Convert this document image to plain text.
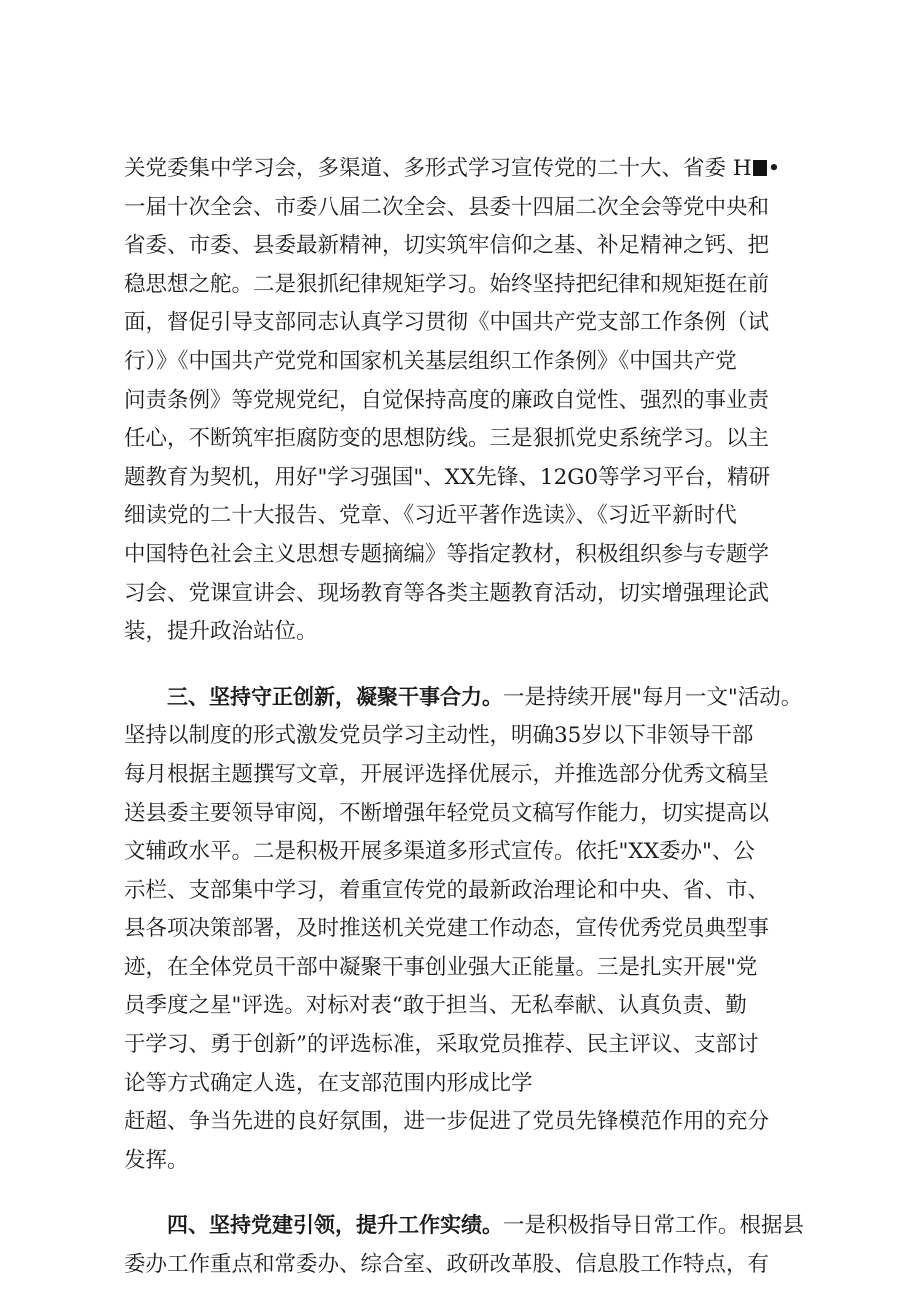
关党委集中学习会，多渠道、多形式学习宣传党的二十大、省委 H •
一届十次全会、市委八届二次全会、县委十四届二次全会等党中央和
省委、市委、县委最新精神，切实筑牢信仰之基、补足精神之钙、把
稳思想之舵。二是狠抓纪律规矩学习。始终坚持把纪律和规矩挺在前
面，督促引导支部同志认真学习贯彻《中国共产党支部工作条例（试
行）》《中国共产党党和国家机关基层组织工作条例》《中国共产党
问责条例》等党规党纪，自觉保持高度的廉政自觉性、强烈的事业责
任心，不断筑牢拒腐防变的思想防线。三是狠抓党史系统学习。以主
题教育为契机，用好"学习强国"、XX先锋、12G0等学习平台，精研
细读党的二十大报告、党章、《习近平著作选读》、《习近平新时代
中国特色社会主义思想专题摘编》等指定教材，积极组织参与专题学
习会、党课宣讲会、现场教育等各类主题教育活动，切实增强理论武
装，提升政治站位。
三、坚持守正创新，凝聚干事合力。一是持续开展"每月一文"活动。
坚持以制度的形式激发党员学习主动性，明确35岁以下非领导干部
每月根据主题撰写文章，开展评选择优展示，并推选部分优秀文稿呈
送县委主要领导审阅，不断增强年轻党员文稿写作能力，切实提高以
文辅政水平。二是积极开展多渠道多形式宣传。依托"XX委办"、公
示栏、支部集中学习，着重宣传党的最新政治理论和中央、省、市、
县各项决策部署，及时推送机关党建工作动态，宣传优秀党员典型事
迹，在全体党员干部中凝聚干事创业强大正能量。三是扎实开展"党
员季度之星"评选。对标对表“敢于担当、无私奉献、认真负责、勤
于学习、勇于创新”的评选标准，采取党员推荐、民主评议、支部讨
论等方式确定人选，在支部范围内形成比学
赶超、争当先进的良好氛围，进一步促进了党员先锋模范作用的充分
发挥。
四、坚持党建引领，提升工作实绩。一是积极指导日常工作。根据县
委办工作重点和常委办、综合室、政研改革股、信息股工作特点，有
